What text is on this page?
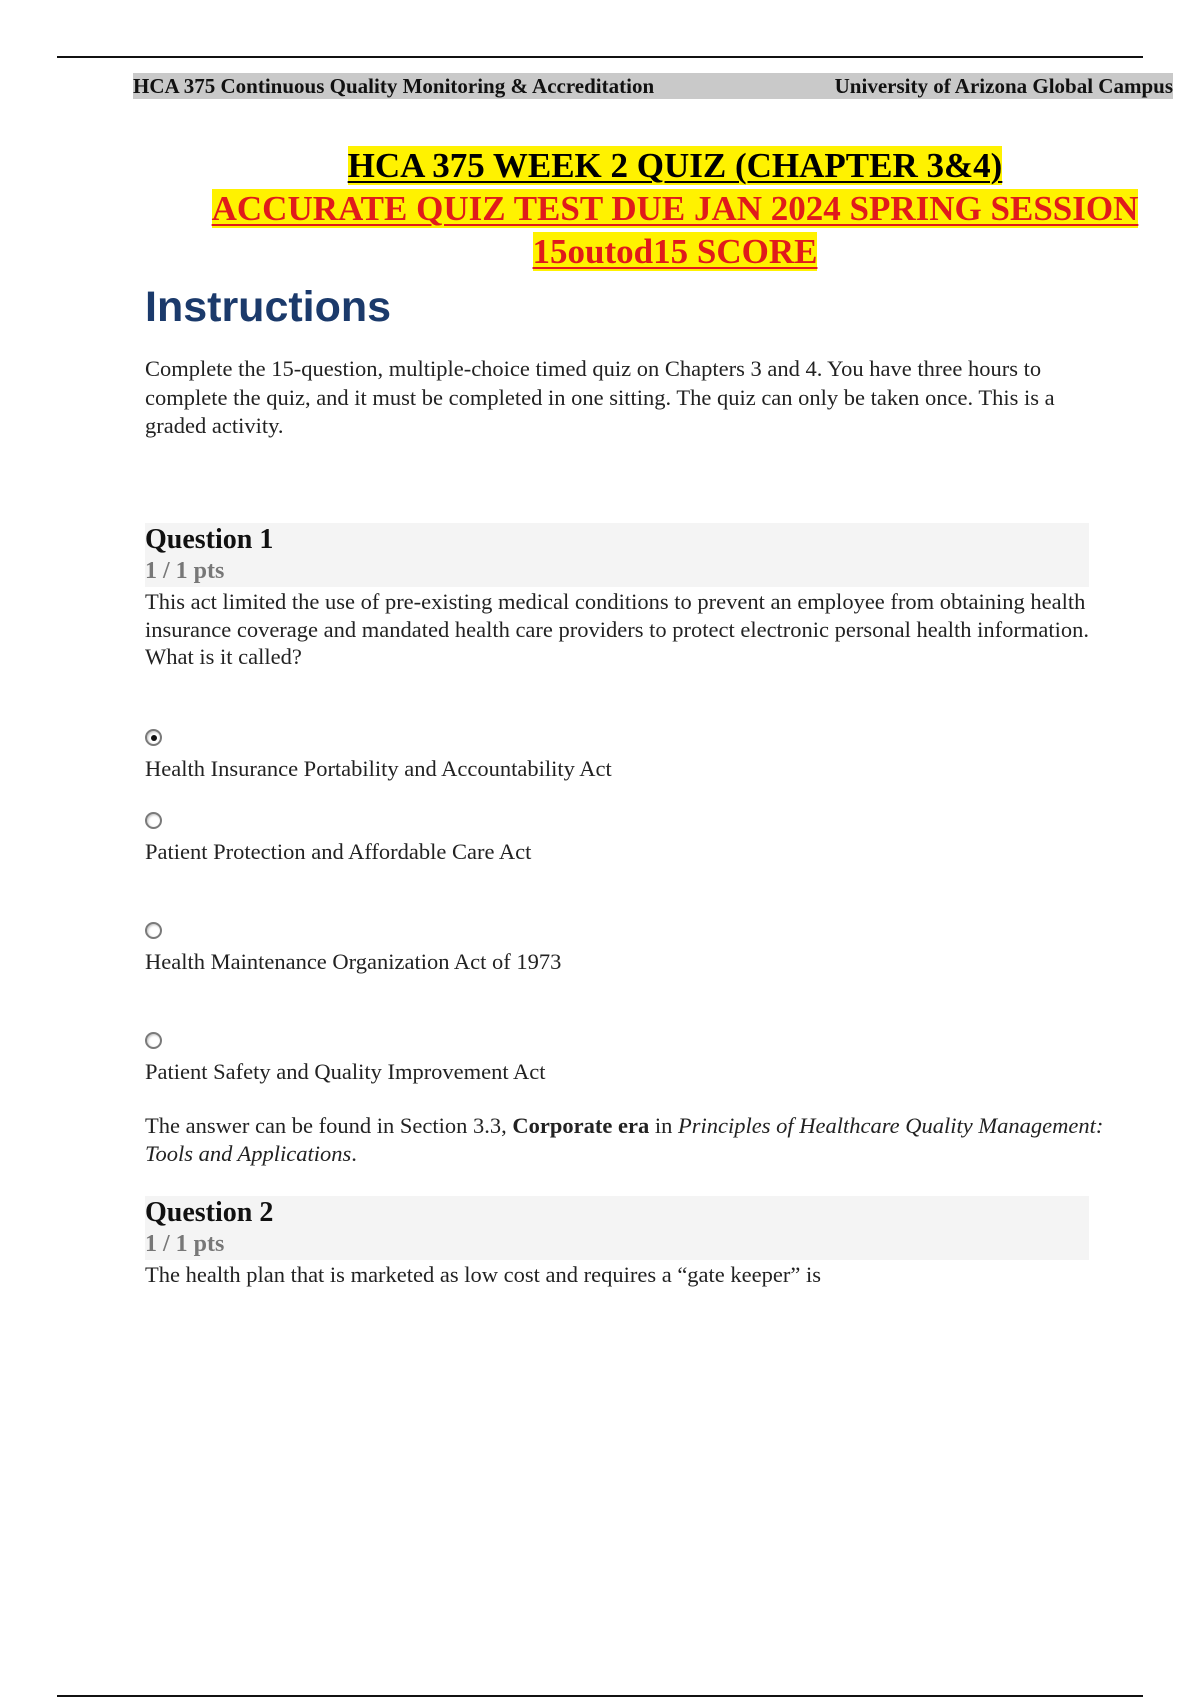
HCA 375 Continuous Quality Monitoring & Accreditation	University of Arizona Global Campus
HCA 375 WEEK 2 QUIZ (CHAPTER 3&4)
ACCURATE QUIZ TEST DUE JAN 2024 SPRING SESSION
15outod15 SCORE
Instructions

Complete the 15-question, multiple-choice timed quiz on Chapters 3 and 4. You have three hours to complete the quiz, and it must be completed in one sitting. The quiz can only be taken once. This is a graded activity.

Question 1
1 / 1 pts

This act limited the use of pre-existing medical conditions to prevent an employee from obtaining health insurance coverage and mandated health care providers to protect electronic personal health information. What is it called?

Health Insurance Portability and Accountability Act
Patient Protection and Affordable Care Act
Health Maintenance Organization Act of 1973
Patient Safety and Quality Improvement Act

The answer can be found in Section 3.3, Corporate era in Principles of Healthcare Quality Management: Tools and Applications.

Question 2
1 / 1 pts

The health plan that is marketed as low cost and requires a “gate keeper” is
